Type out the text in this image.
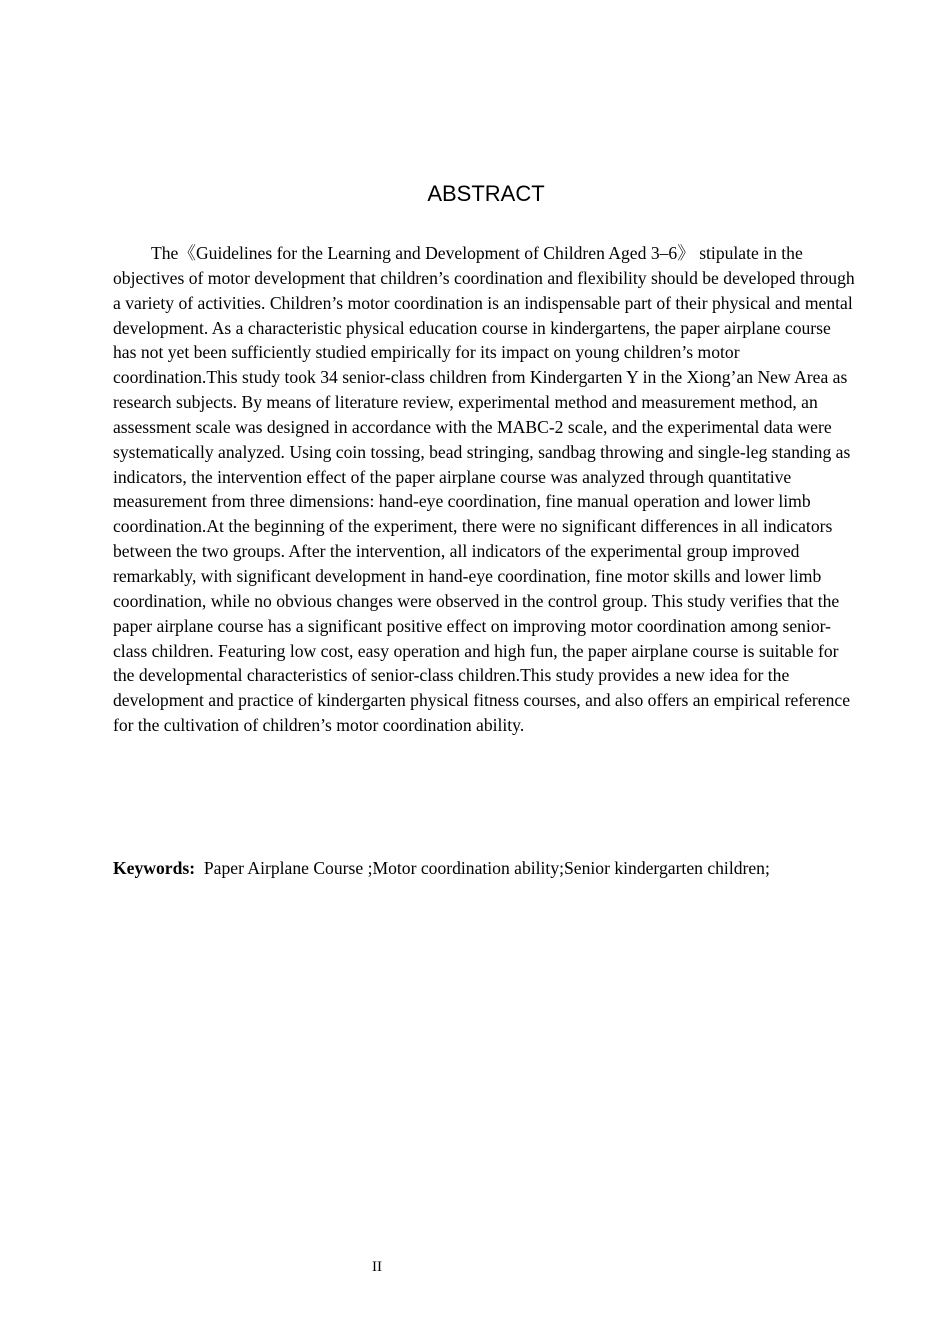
ABSTRACT

The《Guidelines for the Learning and Development of Children Aged 3–6》 stipulate in the objectives of motor development that children’s coordination and flexibility should be developed through a variety of activities. Children’s motor coordination is an indispensable part of their physical and mental development. As a characteristic physical education course in kindergartens, the paper airplane course has not yet been sufficiently studied empirically for its impact on young children’s motor coordination.This study took 34 senior-class children from Kindergarten Y in the Xiong’an New Area as research subjects. By means of literature review, experimental method and measurement method, an assessment scale was designed in accordance with the MABC-2 scale, and the experimental data were systematically analyzed. Using coin tossing, bead stringing, sandbag throwing and single-leg standing as indicators, the intervention effect of the paper airplane course was analyzed through quantitative measurement from three dimensions: hand-eye coordination, fine manual operation and lower limb coordination.At the beginning of the experiment, there were no significant differences in all indicators between the two groups. After the intervention, all indicators of the experimental group improved remarkably, with significant development in hand-eye coordination, fine motor skills and lower limb coordination, while no obvious changes were observed in the control group. This study verifies that the paper airplane course has a significant positive effect on improving motor coordination among senior-class children. Featuring low cost, easy operation and high fun, the paper airplane course is suitable for the developmental characteristics of senior-class children.This study provides a new idea for the development and practice of kindergarten physical fitness courses, and also offers an empirical reference for the cultivation of children’s motor coordination ability.

Keywords: Paper Airplane Course ;Motor coordination ability;Senior kindergarten children;

II
